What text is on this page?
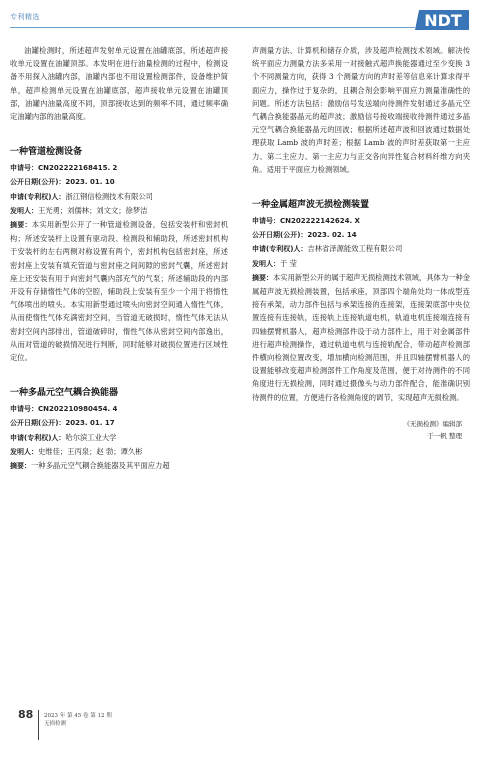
专利精选	NDT

油罐检测时，所述超声发射单元设置在油罐底部，所述超声接收单元设置在油罐顶部。本发明在进行油量检测的过程中，检测设备不用探入油罐内部，油罐内部也不用设置检测部件，设备维护简单，超声检测单元设置在油罐底部，超声接收单元设置在油罐顶部，油罐内油量高度不同，顶部接收达到的频率不同，通过频率确定油罐内部的油量高度。

一种管道检测设备

申请号：CN202222168415. 2

公开日期(公开)：2023. 01. 10

申请(专利权)人：浙江钢信检测技术有限公司

发明人：王光勇；刘儒林；刘文文；徐梦洁

摘要：本实用新型公开了一种管道检测设备，包括安装杆和密封机构；所述安装杆上设置有驱动段、检测段和辅助段，所述密封机构于安装杆的左右两侧对称设置有两个，密封机构包括密封座，所述密封座上安装有填充管道与密封座之间间隙的密封气囊，所述密封座上还安装有用于向密封气囊内部充气的气泵；所述辅助段的内部开设有存储惰性气体的空腔，辅助段上安装有至少一个用于将惰性气体喷出的喷头。本实用新型通过喷头向密封空间通入惰性气体，从而使惰性气体充满密封空间，当管道无破损时，惰性气体无法从密封空间内部排出，管道破碎时，惰性气体从密封空间内部逸出，从而对管道的破损情况进行判断，同时能够对破损位置进行区域性定位。

一种多晶元空气耦合换能器

申请号：CN202210980454. 4

公开日期(公开)：2023. 01. 17

申请(专利权)人：哈尔滨工业大学

发明人：史维佳；王丙泉；赵 勃；谭久彬

摘要：一种多晶元空气耦合换能器及其平面应力超

声测量方法、计算机和储存介质，涉及超声检测技术领域。解决传统平面应力测量方法多采用一对接触式超声换能器通过至少变换 3 个不同测量方向，获得 3 个测量方向的声时差等信息来计算求得平面应力，操作过于复杂的，且耦合剂会影响平面应力测量准确性的问题。所述方法包括：激励信号发送端向待测件发射通过多晶元空气耦合换能器晶元的超声波；激励信号接收端接收待测件通过多晶元空气耦合换能器晶元的回波；根据所述超声波和回波通过数据处理获取 Lamb 波的声时差；根据 Lamb 波的声时差获取第一主应力、第二主应力、第一主应力与正交各向异性复合材料纤维方向夹角。适用于平面应力检测领域。

一种金属超声波无损检测装置

申请号：CN202222142624. X

公开日期(公开)：2023. 02. 14

申请(专利权)人：吉林省泽源能效工程有限公司

发明人：于 莹

摘要：本实用新型公开的属于超声无损检测技术领域，具体为一种金属超声波无损检测装置，包括承座，顶部四个端角处均一体成型连接有承架，动力部件包括与承架连接的连接架，连接架底部中央位置连接有连接轨，连接轨上连接轨道电机，轨道电机连接端连接有四轴摆臂机器人，超声检测部件设于动力部件上，用于对金属部件进行超声检测操作，通过轨道电机与连接轨配合，带动超声检测部件横向检测位置改变，增加横向检测范围，并且四轴摆臂机器人的设置能够改变超声检测部件工作角度及范围，便于对待测件的不同角度进行无损检测，同时通过摄像头与动力部件配合，能准确识别待测件的位置，方便进行各检测角度的调节，实现超声无损检测。

《无损检测》编辑部
于一帆 整理
88 2023 年 第 45 卷 第 12 期
无损检测
